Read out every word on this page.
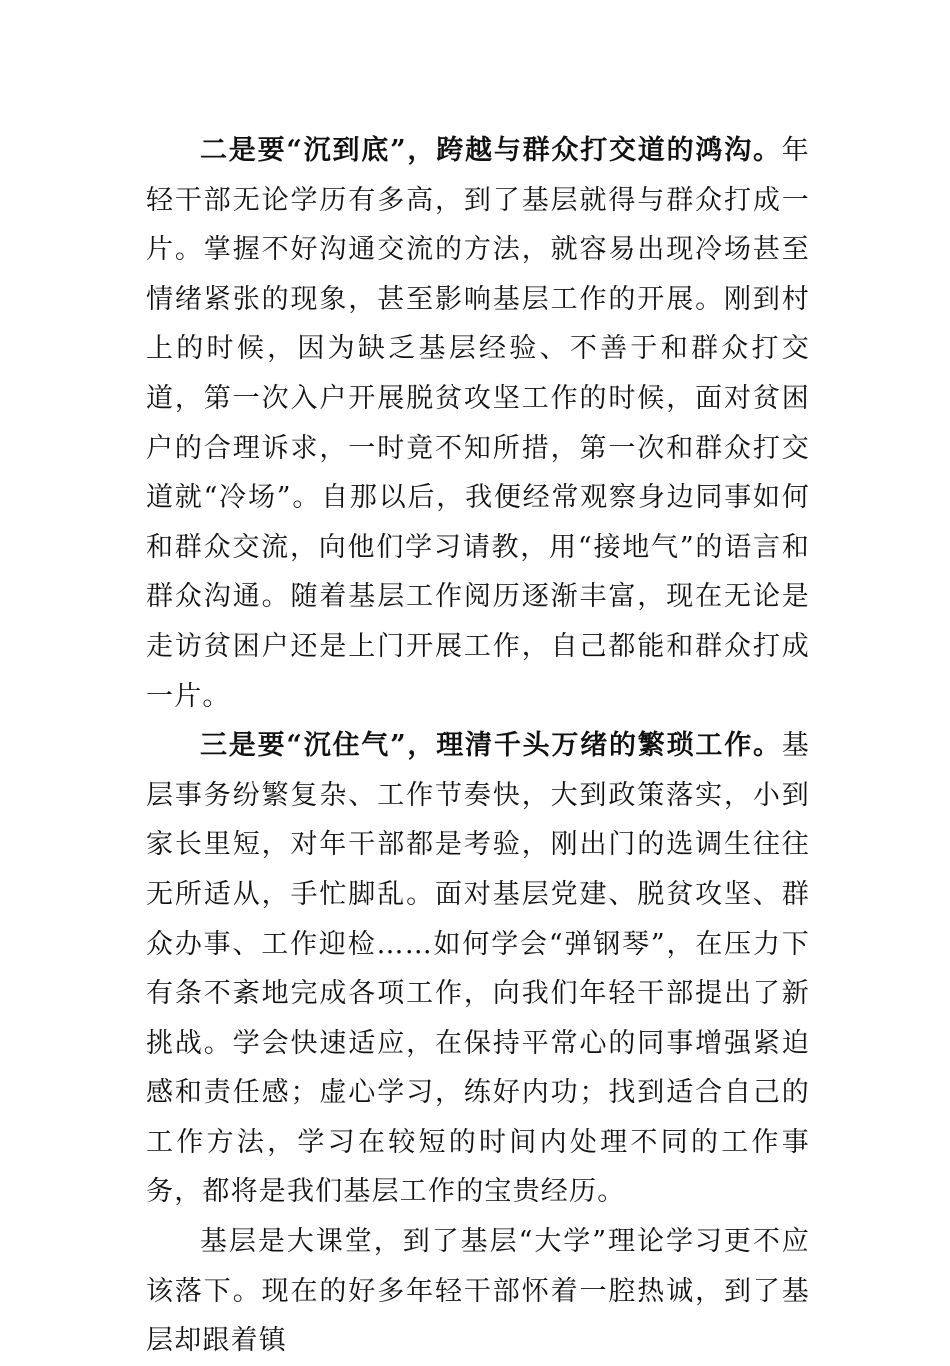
二是要“沉到底”，跨越与群众打交道的鸿沟。年轻干部无论学历有多高，到了基层就得与群众打成一片。掌握不好沟通交流的方法，就容易出现冷场甚至情绪紧张的现象，甚至影响基层工作的开展。刚到村上的时候，因为缺乏基层经验、不善于和群众打交道，第一次入户开展脱贫攻坚工作的时候，面对贫困户的合理诉求，一时竟不知所措，第一次和群众打交道就“冷场”。自那以后，我便经常观察身边同事如何和群众交流，向他们学习请教，用“接地气”的语言和群众沟通。随着基层工作阅历逐渐丰富，现在无论是走访贫困户还是上门开展工作，自己都能和群众打成一片。

三是要“沉住气”，理清千头万绪的繁琐工作。基层事务纷繁复杂、工作节奏快，大到政策落实，小到家长里短，对年干部都是考验，刚出门的选调生往往无所适从，手忙脚乱。面对基层党建、脱贫攻坚、群众办事、工作迎检……如何学会“弹钢琴”，在压力下有条不紊地完成各项工作，向我们年轻干部提出了新挑战。学会快速适应，在保持平常心的同事增强紧迫感和责任感；虚心学习，练好内功；找到适合自己的工作方法，学习在较短的时间内处理不同的工作事务，都将是我们基层工作的宝贵经历。

基层是大课堂，到了基层“大学”理论学习更不应该落下。现在的好多年轻干部怀着一腔热诚，到了基层却跟着镇
